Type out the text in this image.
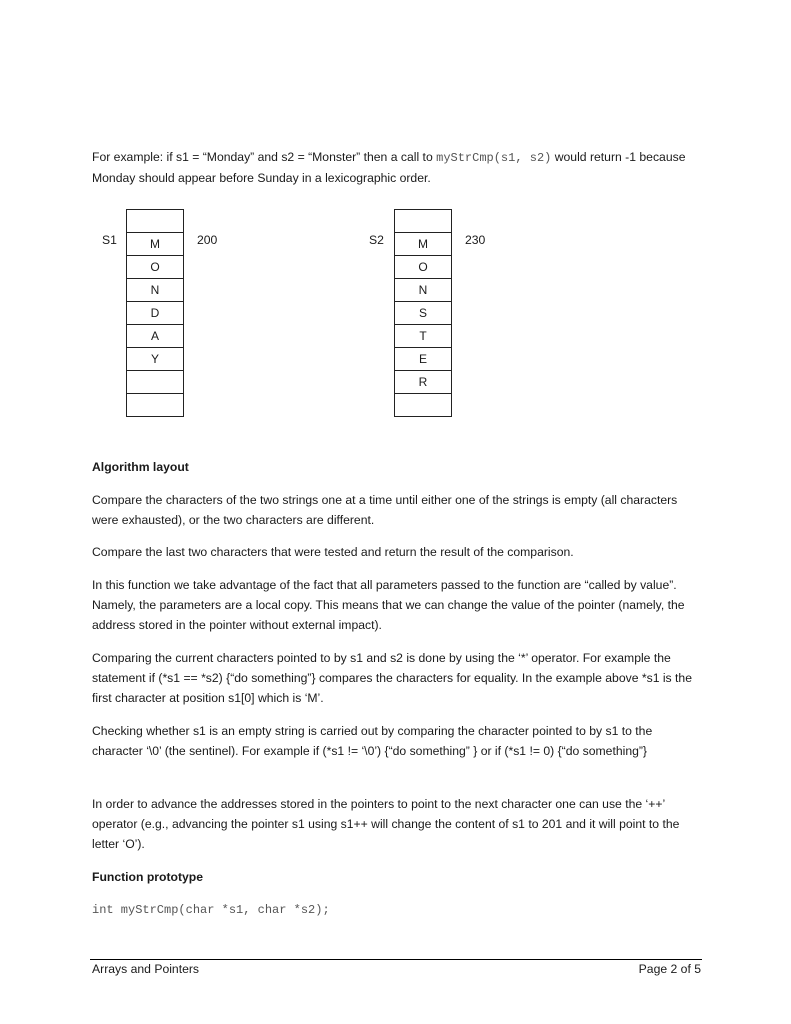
For example: if s1 = “Monday” and s2 = “Monster” then a call to myStrCmp(s1, s2) would return -1 because Monday should appear before Sunday in a lexicographic order.

S1	M
O
N
D
A
Y

200	S2	M
O
N
S
T
E
R

230

Algorithm layout

Compare the characters of the two strings one at a time until either one of the strings is empty (all characters were exhausted), or the two characters are different.

Compare the last two characters that were tested and return the result of the comparison.

In this function we take advantage of the fact that all parameters passed to the function are “called by value”. Namely, the parameters are a local copy. This means that we can change the value of the pointer (namely, the address stored in the pointer without external impact).

Comparing the current characters pointed to by s1 and s2 is done by using the ‘*’ operator. For example the statement if (*s1 == *s2) {“do something”} compares the characters for equality. In the example above *s1 is the first character at position s1[0] which is ‘M’.

Checking whether s1 is an empty string is carried out by comparing the character pointed to by s1 to the character ‘\0’ (the sentinel). For example if (*s1 != ‘\0’) {“do something” } or if (*s1 != 0) {“do something”}

In order to advance the addresses stored in the pointers to point to the next character one can use the ‘++’ operator (e.g., advancing the pointer s1 using s1++ will change the content of s1 to 201 and it will point to the letter ‘O’).

Function prototype

int myStrCmp(char *s1, char *s2);

Arrays and Pointers	Page 2 of 5
